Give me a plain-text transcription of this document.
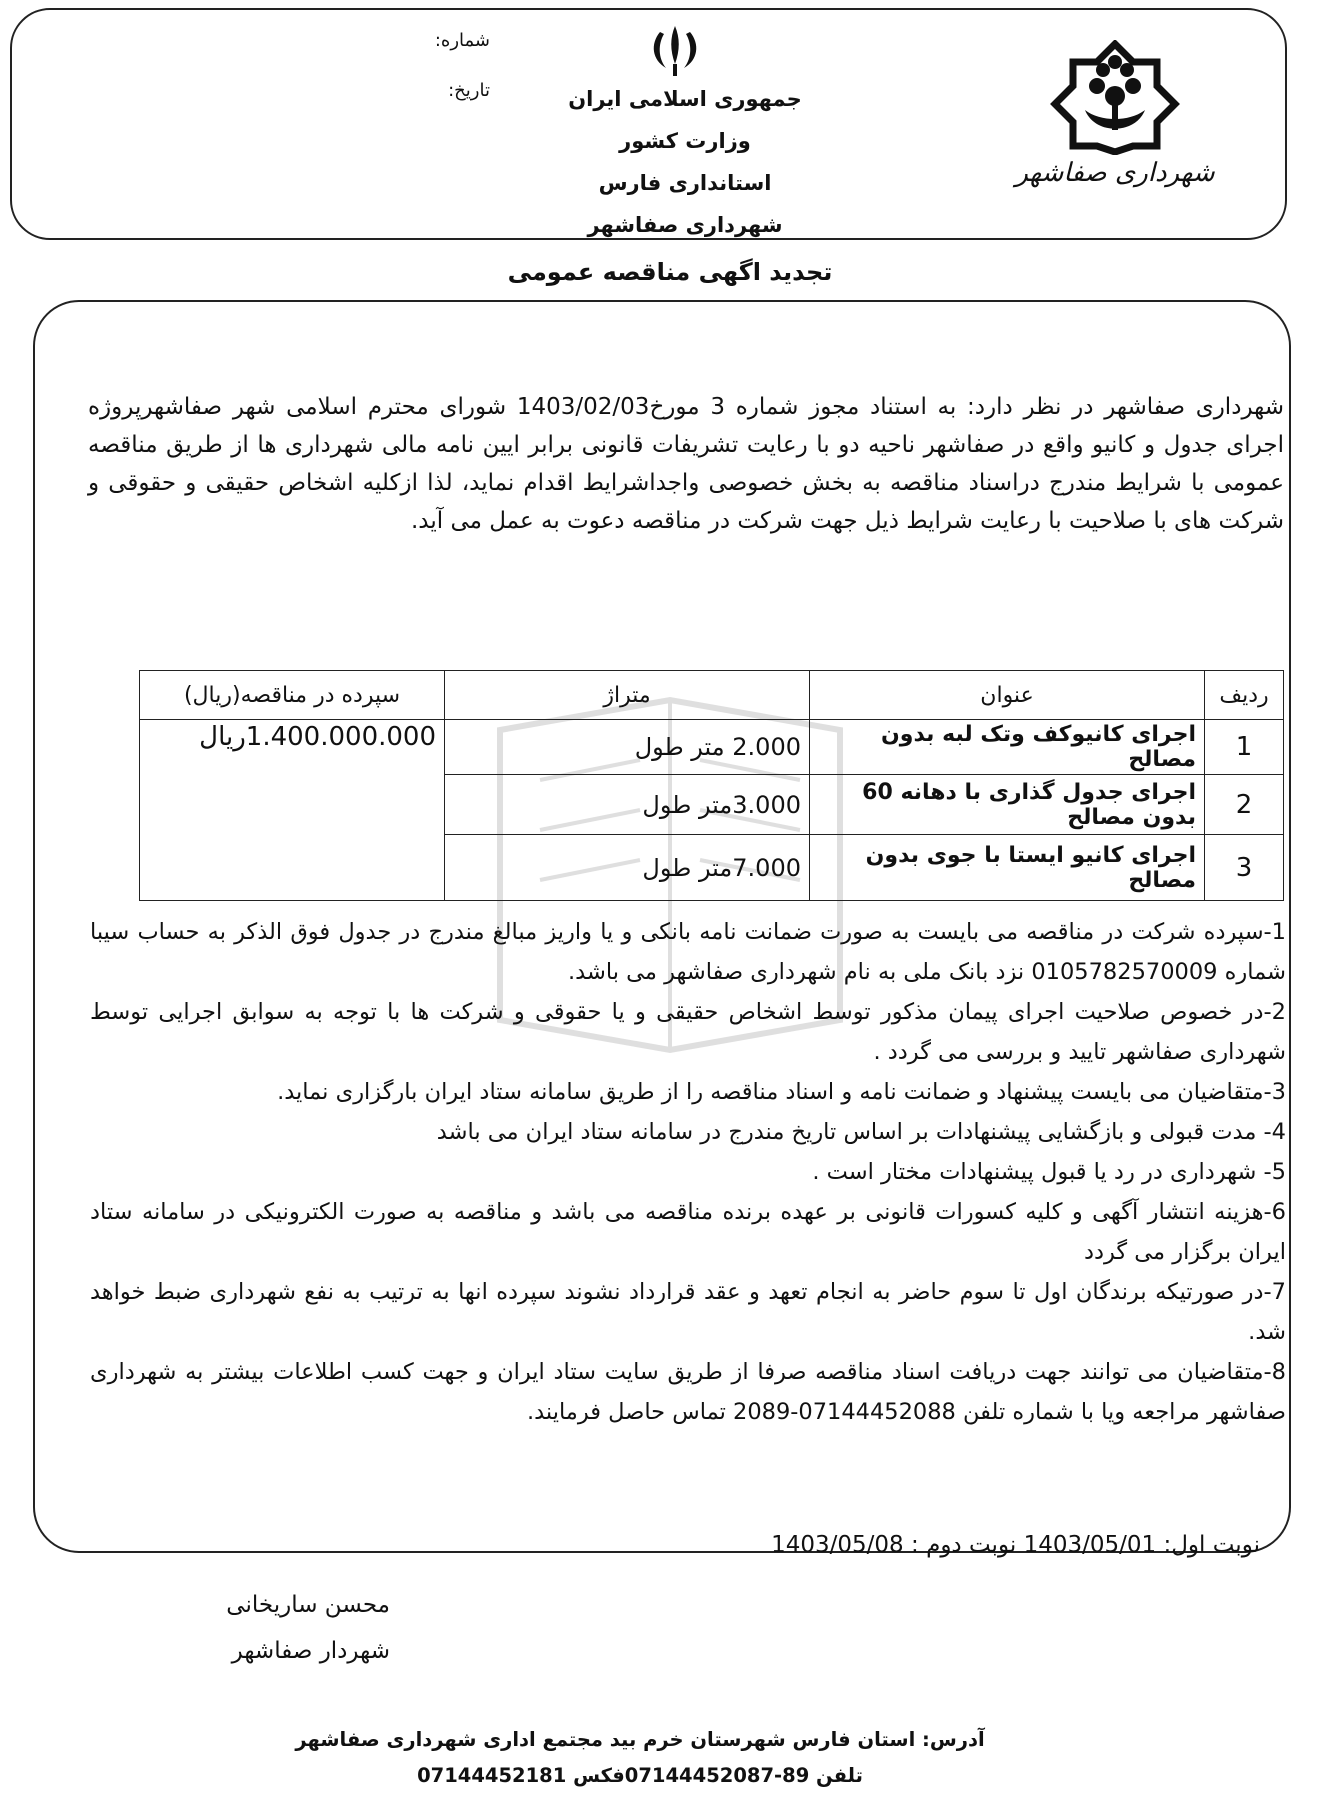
جمهوری اسلامی ایران
وزارت کشور
استانداری فارس
شهرداری صفاشهر
شماره:
تاریخ:
شهرداری صفاشهر
تجدید اگهی مناقصه عمومی
شهرداری صفاشهر در نظر دارد: به استناد مجوز شماره 3 مورخ1403/02/03 شورای محترم اسلامی شهر صفاشهرپروژه اجرای جدول و کانیو واقع در صفاشهر ناحیه دو با رعایت تشریفات قانونی برابر ایین نامه مالی شهرداری ها از طریق مناقصه عمومی با شرایط مندرج دراسناد مناقصه به بخش خصوصی واجداشرایط اقدام نماید، لذا ازکلیه اشخاص حقیقی و حقوقی و شرکت های با صلاحیت با رعایت شرایط ذیل جهت شرکت در مناقصه دعوت به عمل می آید.
ردیف	عنوان	متراژ	سپرده در مناقصه(ریال)
1	اجرای کانیوکف وتک لبه بدون مصالح	2.000 متر طول	1.400.000.000ریال
2	اجرای جدول گذاری با دهانه 60 بدون مصالح	3.000متر طول	
3	اجرای کانیو ایستا با جوی بدون مصالح	7.000متر طول	

1-سپرده شرکت در مناقصه می بایست به صورت ضمانت نامه بانکی و یا واریز مبالغ مندرج در جدول فوق الذکر به حساب سیبا شماره 0105782570009 نزد بانک ملی به نام شهرداری صفاشهر می باشد.

2-در خصوص صلاحیت اجرای پیمان مذکور توسط اشخاص حقیقی و یا حقوقی و شرکت ها با توجه به سوابق اجرایی توسط شهرداری صفاشهر تایید و بررسی می گردد .

3-متقاضیان می بایست پیشنهاد و ضمانت نامه و اسناد مناقصه را از طریق سامانه ستاد ایران بارگزاری نماید.

4- مدت قبولی و بازگشایی پیشنهادات بر اساس تاریخ مندرج در سامانه ستاد ایران می باشد

5- شهرداری در رد یا قبول پیشنهادات مختار است .

6-هزینه انتشار آگهی و کلیه کسورات قانونی بر عهده برنده مناقصه می باشد و مناقصه به صورت الکترونیکی در سامانه ستاد ایران برگزار می گردد

7-در صورتیکه برندگان اول تا سوم حاضر به انجام تعهد و عقد قرارداد نشوند سپرده انها به ترتیب به نفع شهرداری ضبط خواهد شد.

8-متقاضیان می توانند جهت دریافت اسناد مناقصه صرفا از طریق سایت ستاد ایران و جهت کسب اطلاعات بیشتر به شهرداری صفاشهر مراجعه ویا با شماره تلفن 07144452088-2089 تماس حاصل فرمایند.

نوبت اول: 1403/05/01 نوبت دوم : 1403/05/08
محسن ساریخانی
شهردار صفاشهر
آدرس: استان فارس شهرستان خرم بید مجتمع اداری شهرداری صفاشهر
تلفن 89-07144452087فکس 07144452181
